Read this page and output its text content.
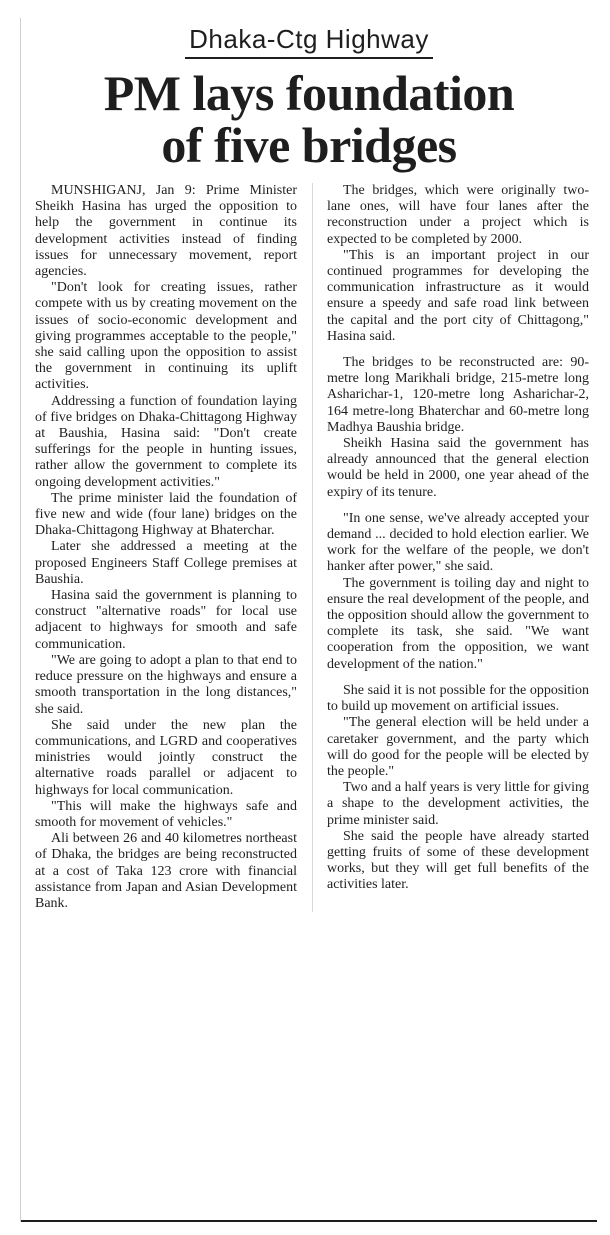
Dhaka-Ctg Highway
PM lays foundation
of five bridges

MUNSHIGANJ, Jan 9: Prime Minister Sheikh Hasina has urged the opposition to help the government in continue its development activities instead of finding issues for unnecessary movement, report agencies.

"Don't look for creating issues, rather compete with us by creating movement on the issues of socio-economic development and giving programmes acceptable to the people," she said calling upon the opposition to assist the government in continuing its uplift activities.

Addressing a function of foundation laying of five bridges on Dhaka-Chittagong Highway at Baushia, Hasina said: "Don't create sufferings for the people in hunting issues, rather allow the government to complete its ongoing development activities."

The prime minister laid the foundation of five new and wide (four lane) bridges on the Dhaka-Chittagong Highway at Bhaterchar.

Later she addressed a meeting at the proposed Engineers Staff College premises at Baushia.

Hasina said the government is planning to construct "alternative roads" for local use adjacent to highways for smooth and safe communication.

"We are going to adopt a plan to that end to reduce pressure on the highways and ensure a smooth transportation in the long distances," she said.

She said under the new plan the communications, and LGRD and cooperatives ministries would jointly construct the alternative roads parallel or adjacent to highways for local communication.

"This will make the highways safe and smooth for movement of vehicles."

Ali between 26 and 40 kilometres northeast of Dhaka, the bridges are being reconstructed at a cost of Taka 123 crore with financial assistance from Japan and Asian Development Bank.

The bridges, which were originally two-lane ones, will have four lanes after the reconstruction under a project which is expected to be completed by 2000.

"This is an important project in our continued programmes for developing the communication infrastructure as it would ensure a speedy and safe road link between the capital and the port city of Chittagong," Hasina said.

The bridges to be reconstructed are: 90-metre long Marikhali bridge, 215-metre long Asharichar-1, 120-metre long Asharichar-2, 164 metre-long Bhaterchar and 60-metre long Madhya Baushia bridge.

Sheikh Hasina said the government has already announced that the general election would be held in 2000, one year ahead of the expiry of its tenure.

"In one sense, we've already accepted your demand ... decided to hold election earlier. We work for the welfare of the people, we don't hanker after power," she said.

The government is toiling day and night to ensure the real development of the people, and the opposition should allow the government to complete its task, she said. "We want cooperation from the opposition, we want development of the nation."

She said it is not possible for the opposition to build up movement on artificial issues.

"The general election will be held under a caretaker government, and the party which will do good for the people will be elected by the people."

Two and a half years is very little for giving a shape to the development activities, the prime minister said.

She said the people have already started getting fruits of some of these development works, but they will get full benefits of the activities later.
